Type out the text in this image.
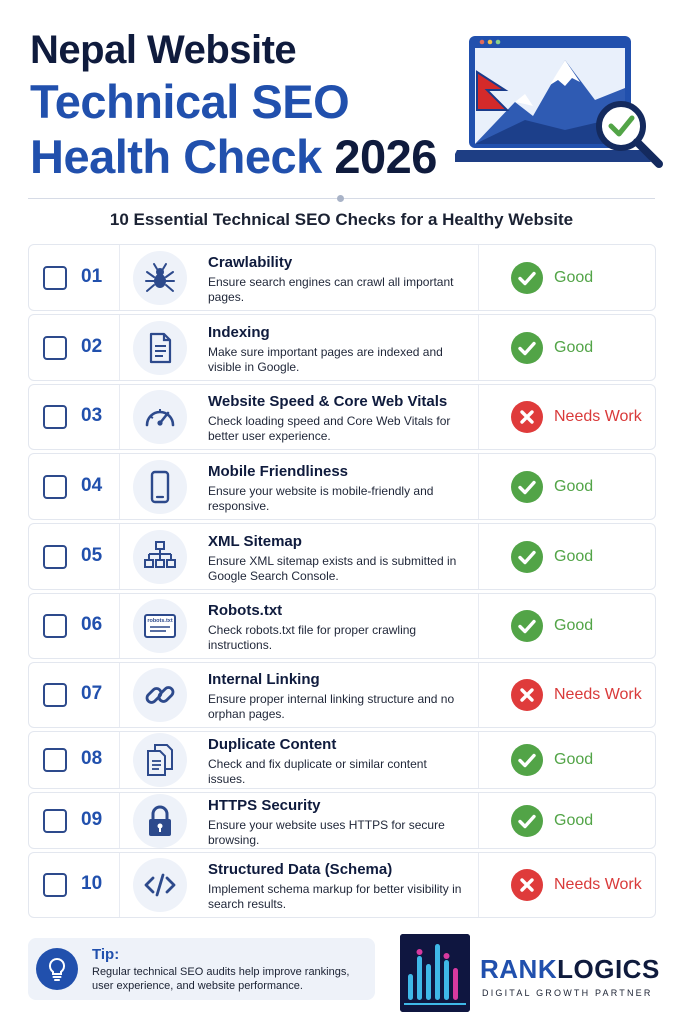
Nepal Website
Technical SEO
Health Check 2026
10 Essential Technical SEO Checks for a Healthy Website
01
Crawlability
Ensure search engines can crawl all important pages.
Good
02
Indexing
Make sure important pages are indexed and visible in Google.
Good
03
Website Speed & Core Web Vitals
Check loading speed and Core Web Vitals for better user experience.
Needs Work
04
Mobile Friendliness
Ensure your website is mobile-friendly and responsive.
Good
05
XML Sitemap
Ensure XML sitemap exists and is submitted in Google Search Console.
Good
06	robots.txt
Robots.txt
Check robots.txt file for proper crawling instructions.
Good
07
Internal Linking
Ensure proper internal linking structure and no orphan pages.
Needs Work
08
Duplicate Content
Check and fix duplicate or similar content issues.
Good
09
HTTPS Security
Ensure your website uses HTTPS for secure browsing.
Good
10
Structured Data (Schema)
Implement schema markup for better visibility in search results.
Needs Work
Tip:
Regular technical SEO audits help improve rankings, user experience, and website performance.
RANKLOGICS
DIGITAL GROWTH PARTNER
